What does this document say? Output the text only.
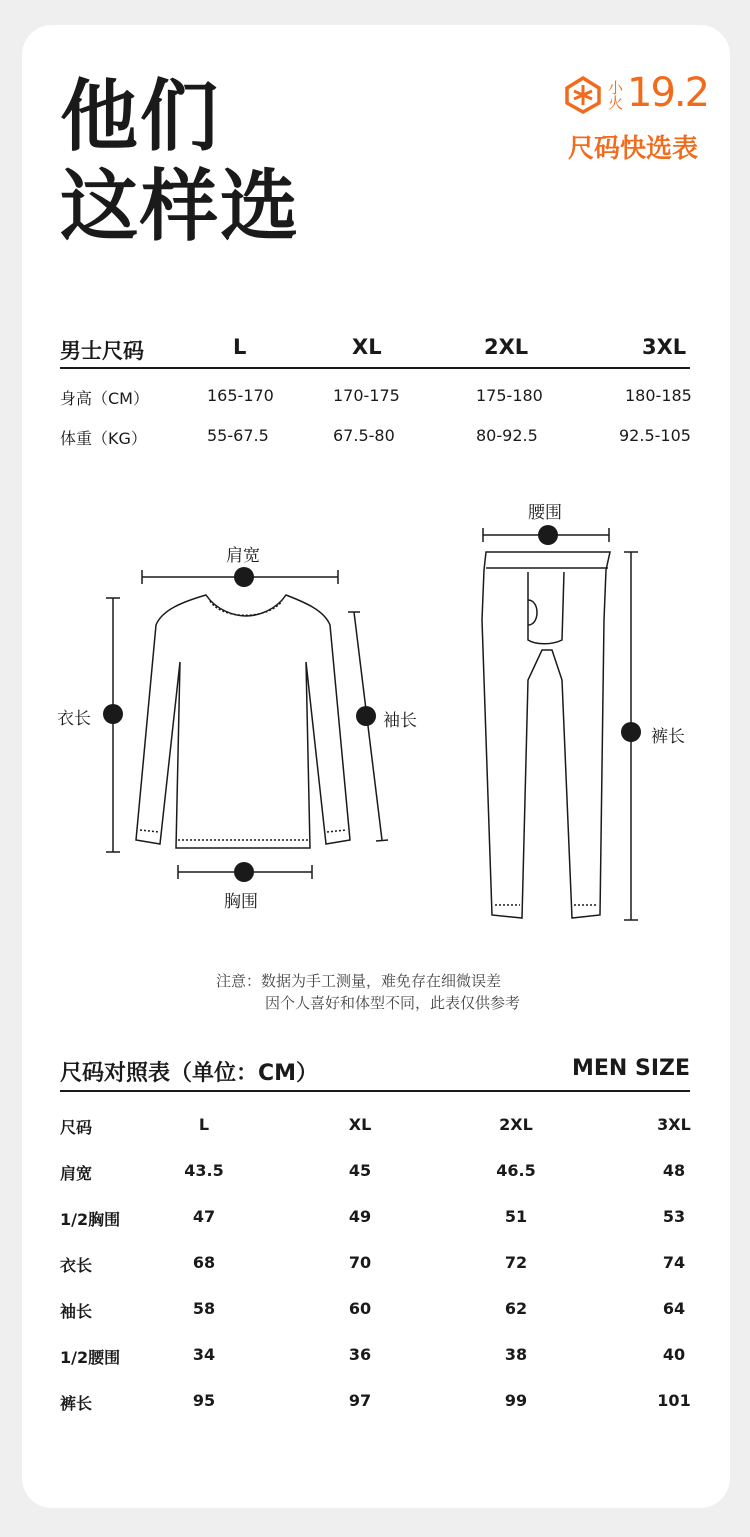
他们
这样选
小火 19.2
尺码快选表
男士尺码	L	XL	2XL	3XL
身高（CM）	165-170	170-175	175-180	180-185
体重（KG）	55-67.5	67.5-80	80-92.5	92.5-105
肩宽
衣长	袖长
胸围
腰围
裤长
注意：数据为手工测量，难免存在细微误差
因个人喜好和体型不同，此表仅供参考
尺码对照表（单位：CM）	MEN SIZE
尺码	L	XL	2XL	3XL
肩宽	43.5	45	46.5	48
1/2胸围	47	49	51	53
衣长	68	70	72	74
袖长	58	60	62	64
1/2腰围	34	36	38	40
裤长	95	97	99	101
